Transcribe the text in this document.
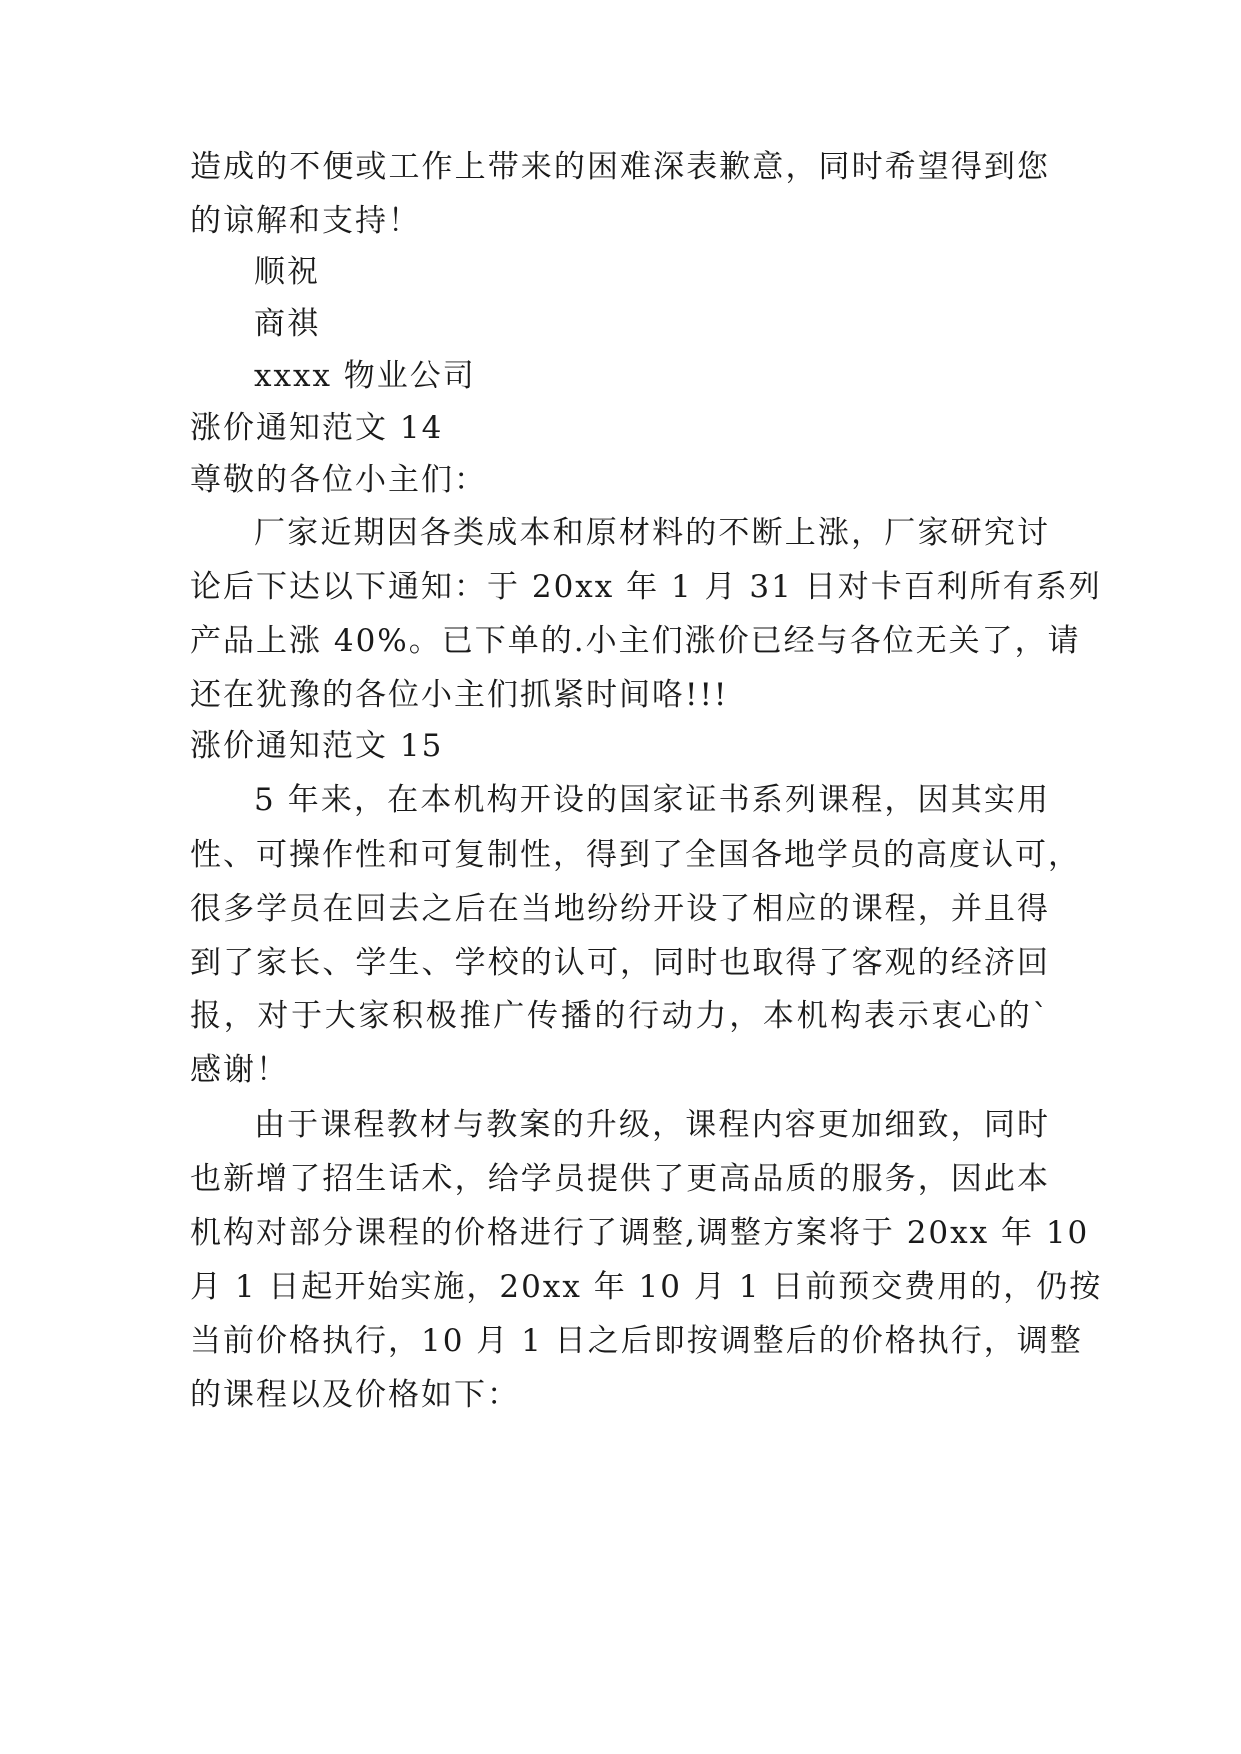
造成的不便或工作上带来的困难深表歉意，同时希望得到您
的谅解和支持！
顺祝
商祺
xxxx 物业公司
涨价通知范文 14
尊敬的各位小主们：
厂家近期因各类成本和原材料的不断上涨，厂家研究讨
论后下达以下通知：于 20xx 年 1 月 31 日对卡百利所有系列
产品上涨 40%。已下单的.小主们涨价已经与各位无关了，请
还在犹豫的各位小主们抓紧时间咯!!!
涨价通知范文 15
5 年来，在本机构开设的国家证书系列课程，因其实用
性、可操作性和可复制性，得到了全国各地学员的高度认可，
很多学员在回去之后在当地纷纷开设了相应的课程，并且得
到了家长、学生、学校的认可，同时也取得了客观的经济回
报，对于大家积极推广传播的行动力，本机构表示衷心的`
感谢！
由于课程教材与教案的升级，课程内容更加细致，同时
也新增了招生话术，给学员提供了更高品质的服务，因此本
机构对部分课程的价格进行了调整,调整方案将于 20xx 年 10
月 1 日起开始实施，20xx 年 10 月 1 日前预交费用的，仍按
当前价格执行，10 月 1 日之后即按调整后的价格执行，调整
的课程以及价格如下：
